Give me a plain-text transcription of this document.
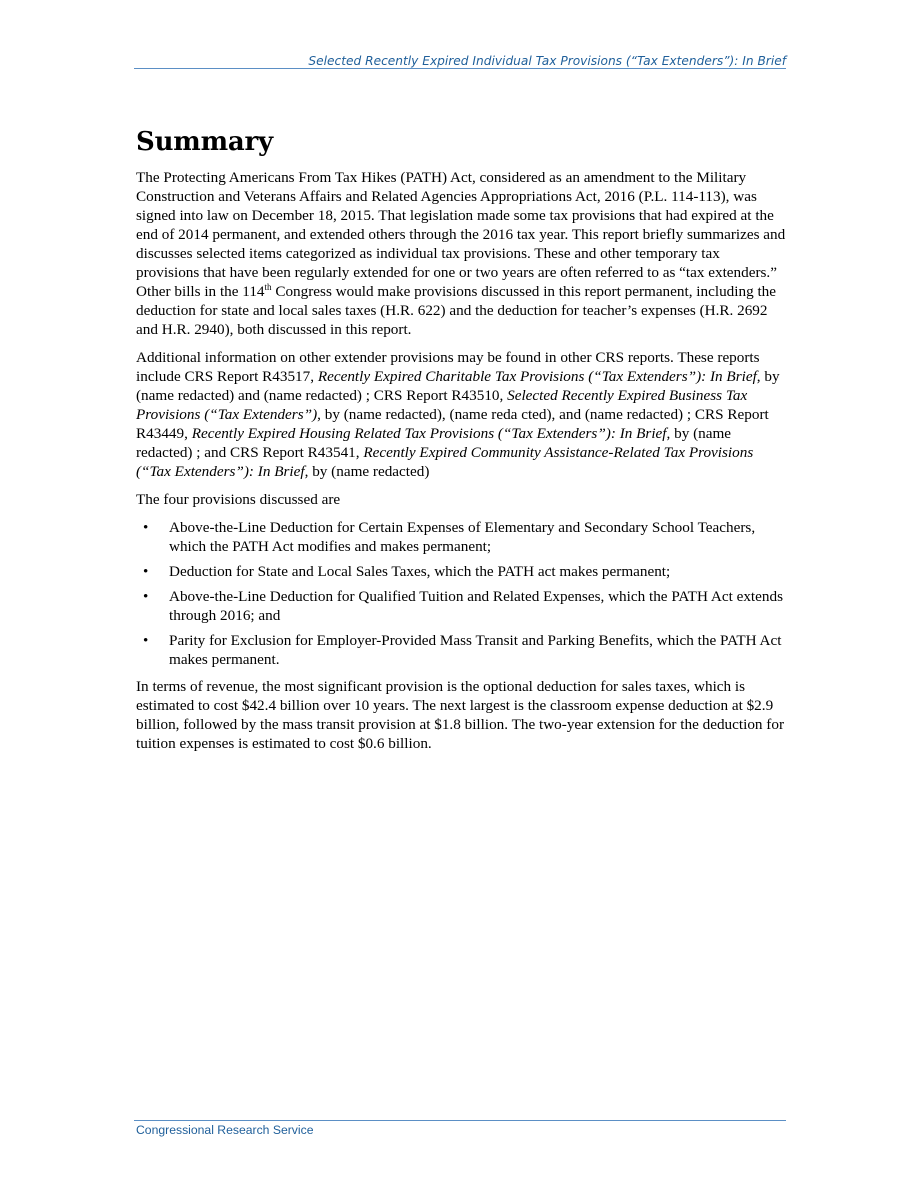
Selected Recently Expired Individual Tax Provisions (“Tax Extenders”): In Brief
Summary

The Protecting Americans From Tax Hikes (PATH) Act, considered as an amendment to the Military Construction and Veterans Affairs and Related Agencies Appropriations Act, 2016 (P.L. 114-113), was signed into law on December 18, 2015. That legislation made some tax provisions that had expired at the end of 2014 permanent, and extended others through the 2016 tax year. This report briefly summarizes and discusses selected items categorized as individual tax provisions. These and other temporary tax provisions that have been regularly extended for one or two years are often referred to as “tax extenders.” Other bills in the 114th Congress would make provisions discussed in this report permanent, including the deduction for state and local sales taxes (H.R. 622) and the deduction for teacher’s expenses (H.R. 2692 and H.R. 2940), both discussed in this report.

Additional information on other extender provisions may be found in other CRS reports. These reports include CRS Report R43517, Recently Expired Charitable Tax Provisions (“Tax Extenders”): In Brief, by (name redacted) and (name redacted) ; CRS Report R43510, Selected Recently Expired Business Tax Provisions (“Tax Extenders”), by (name redacted), (name reda cted), and (name redacted) ; CRS Report R43449, Recently Expired Housing Related Tax Provisions (“Tax Extenders”): In Brief, by (name redacted) ; and CRS Report R43541, Recently Expired Community Assistance-Related Tax Provisions (“Tax Extenders”): In Brief, by (name redacted)

The four provisions discussed are

• Above-the-Line Deduction for Certain Expenses of Elementary and Secondary School Teachers, which the PATH Act modifies and makes permanent;
• Deduction for State and Local Sales Taxes, which the PATH act makes permanent;
• Above-the-Line Deduction for Qualified Tuition and Related Expenses, which the PATH Act extends through 2016; and
• Parity for Exclusion for Employer-Provided Mass Transit and Parking Benefits, which the PATH Act makes permanent.

In terms of revenue, the most significant provision is the optional deduction for sales taxes, which is estimated to cost $42.4 billion over 10 years. The next largest is the classroom expense deduction at $2.9 billion, followed by the mass transit provision at $1.8 billion. The two-year extension for the deduction for tuition expenses is estimated to cost $0.6 billion.

Congressional Research Service
